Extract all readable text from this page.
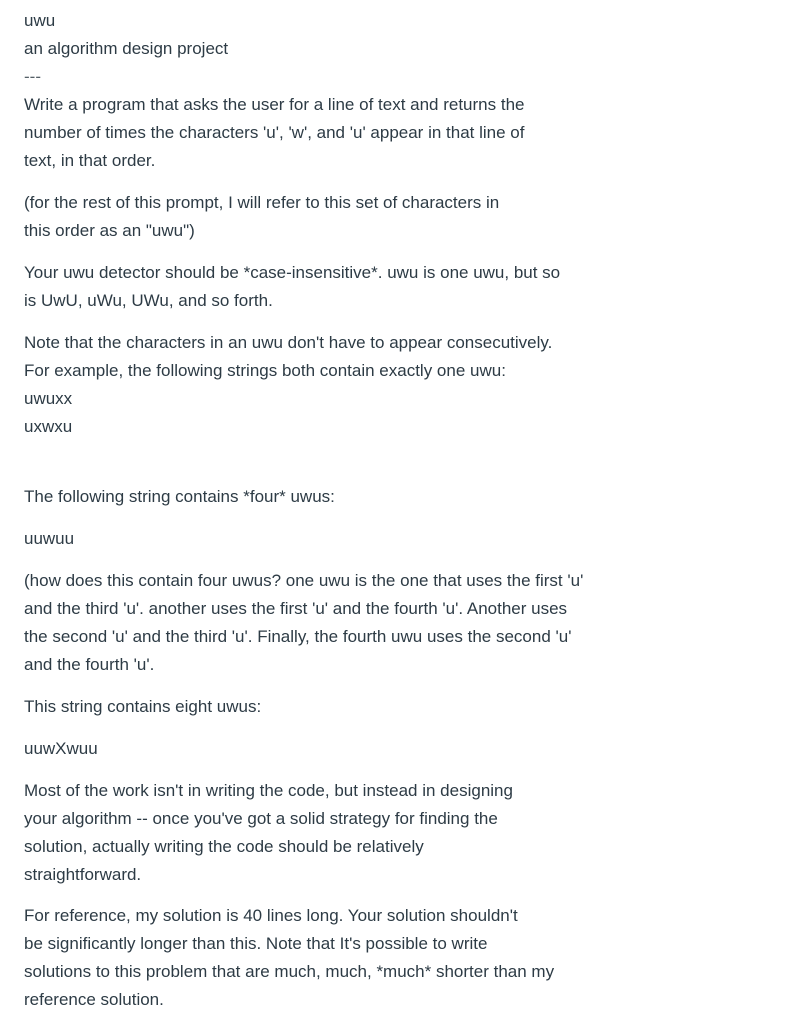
uwu
an algorithm design project
---
Write a program that asks the user for a line of text and returns the
number of times the characters 'u', 'w', and 'u' appear in that line of
text, in that order.
(for the rest of this prompt, I will refer to this set of characters in
this order as an "uwu")
Your uwu detector should be *case-insensitive*. uwu is one uwu, but so
is UwU, uWu, UWu, and so forth.
Note that the characters in an uwu don't have to appear consecutively.
For example, the following strings both contain exactly one uwu:
uwuxx
uxwxu
The following string contains *four* uwus:
uuwuu
(how does this contain four uwus? one uwu is the one that uses the first 'u'
and the third 'u'. another uses the first 'u' and the fourth 'u'. Another uses
the second 'u' and the third 'u'. Finally, the fourth uwu uses the second 'u'
and the fourth 'u'.
This string contains eight uwus:
uuwXwuu
Most of the work isn't in writing the code, but instead in designing
your algorithm -- once you've got a solid strategy for finding the
solution, actually writing the code should be relatively
straightforward.
For reference, my solution is 40 lines long. Your solution shouldn't
be significantly longer than this. Note that It's possible to write
solutions to this problem that are much, much, *much* shorter than my
reference solution.
